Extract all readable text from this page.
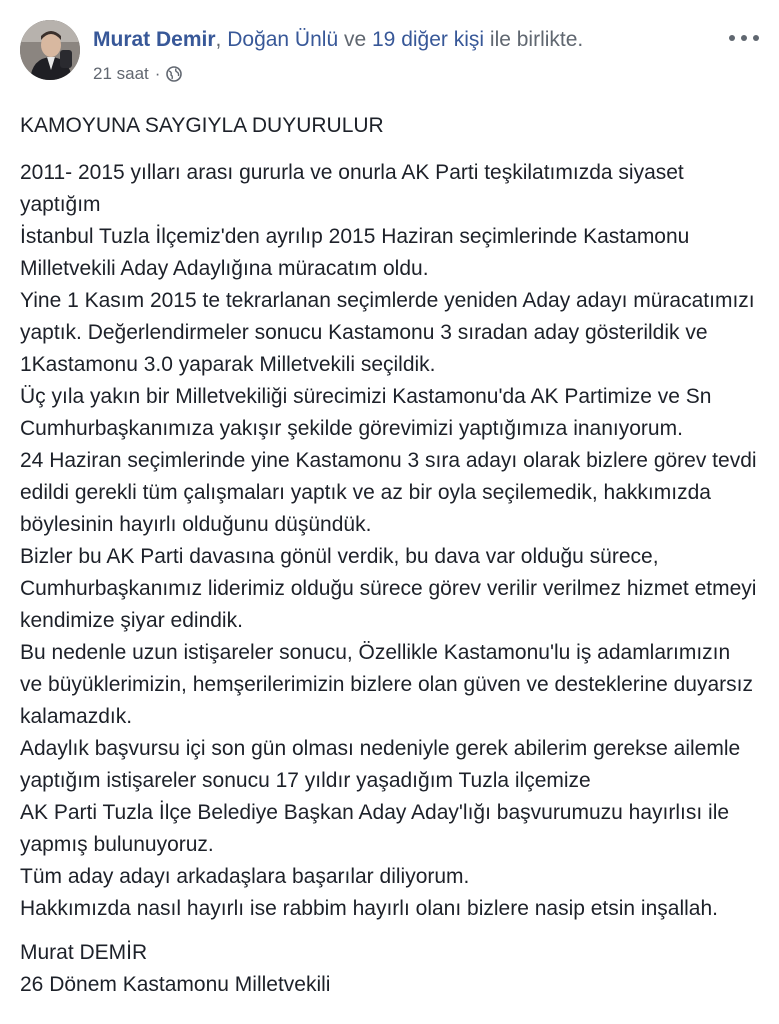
Murat Demir, Doğan Ünlü ve 19 diğer kişi ile birlikte.
21 saat ·
KAMOYUNA SAYGIYLA DUYURULUR
2011- 2015 yılları arası gururla ve onurla AK Parti teşkilatımızda siyaset
yaptığım
İstanbul Tuzla İlçemiz'den ayrılıp 2015 Haziran seçimlerinde Kastamonu
Milletvekili Aday Adaylığına müracatım oldu.
Yine 1 Kasım 2015 te tekrarlanan seçimlerde yeniden Aday adayı müracatımızı
yaptık. Değerlendirmeler sonucu Kastamonu 3 sıradan aday gösterildik ve
1Kastamonu 3.0 yaparak Milletvekili seçildik.
Üç yıla yakın bir Milletvekiliği sürecimizi Kastamonu'da AK Partimize ve Sn
Cumhurbaşkanımıza yakışır şekilde görevimizi yaptığımıza inanıyorum.
24 Haziran seçimlerinde yine Kastamonu 3 sıra adayı olarak bizlere görev tevdi
edildi gerekli tüm çalışmaları yaptık ve az bir oyla seçilemedik, hakkımızda
böylesinin hayırlı olduğunu düşündük.
Bizler bu AK Parti davasına gönül verdik, bu dava var olduğu sürece,
Cumhurbaşkanımız liderimiz olduğu sürece görev verilir verilmez hizmet etmeyi
kendimize şiyar edindik.
Bu nedenle uzun istişareler sonucu, Özellikle Kastamonu'lu iş adamlarımızın
ve büyüklerimizin, hemşerilerimizin bizlere olan güven ve desteklerine duyarsız
kalamazdık.
Adaylık başvursu içi son gün olması nedeniyle gerek abilerim gerekse ailemle
yaptığım istişareler sonucu 17 yıldır yaşadığım Tuzla ilçemize
AK Parti Tuzla İlçe Belediye Başkan Aday Aday'lığı başvurumuzu hayırlısı ile
yapmış bulunuyoruz.
Tüm aday adayı arkadaşlara başarılar diliyorum.
Hakkımızda nasıl hayırlı ise rabbim hayırlı olanı bizlere nasip etsin inşallah.
Murat DEMİR
26 Dönem Kastamonu Milletvekili
